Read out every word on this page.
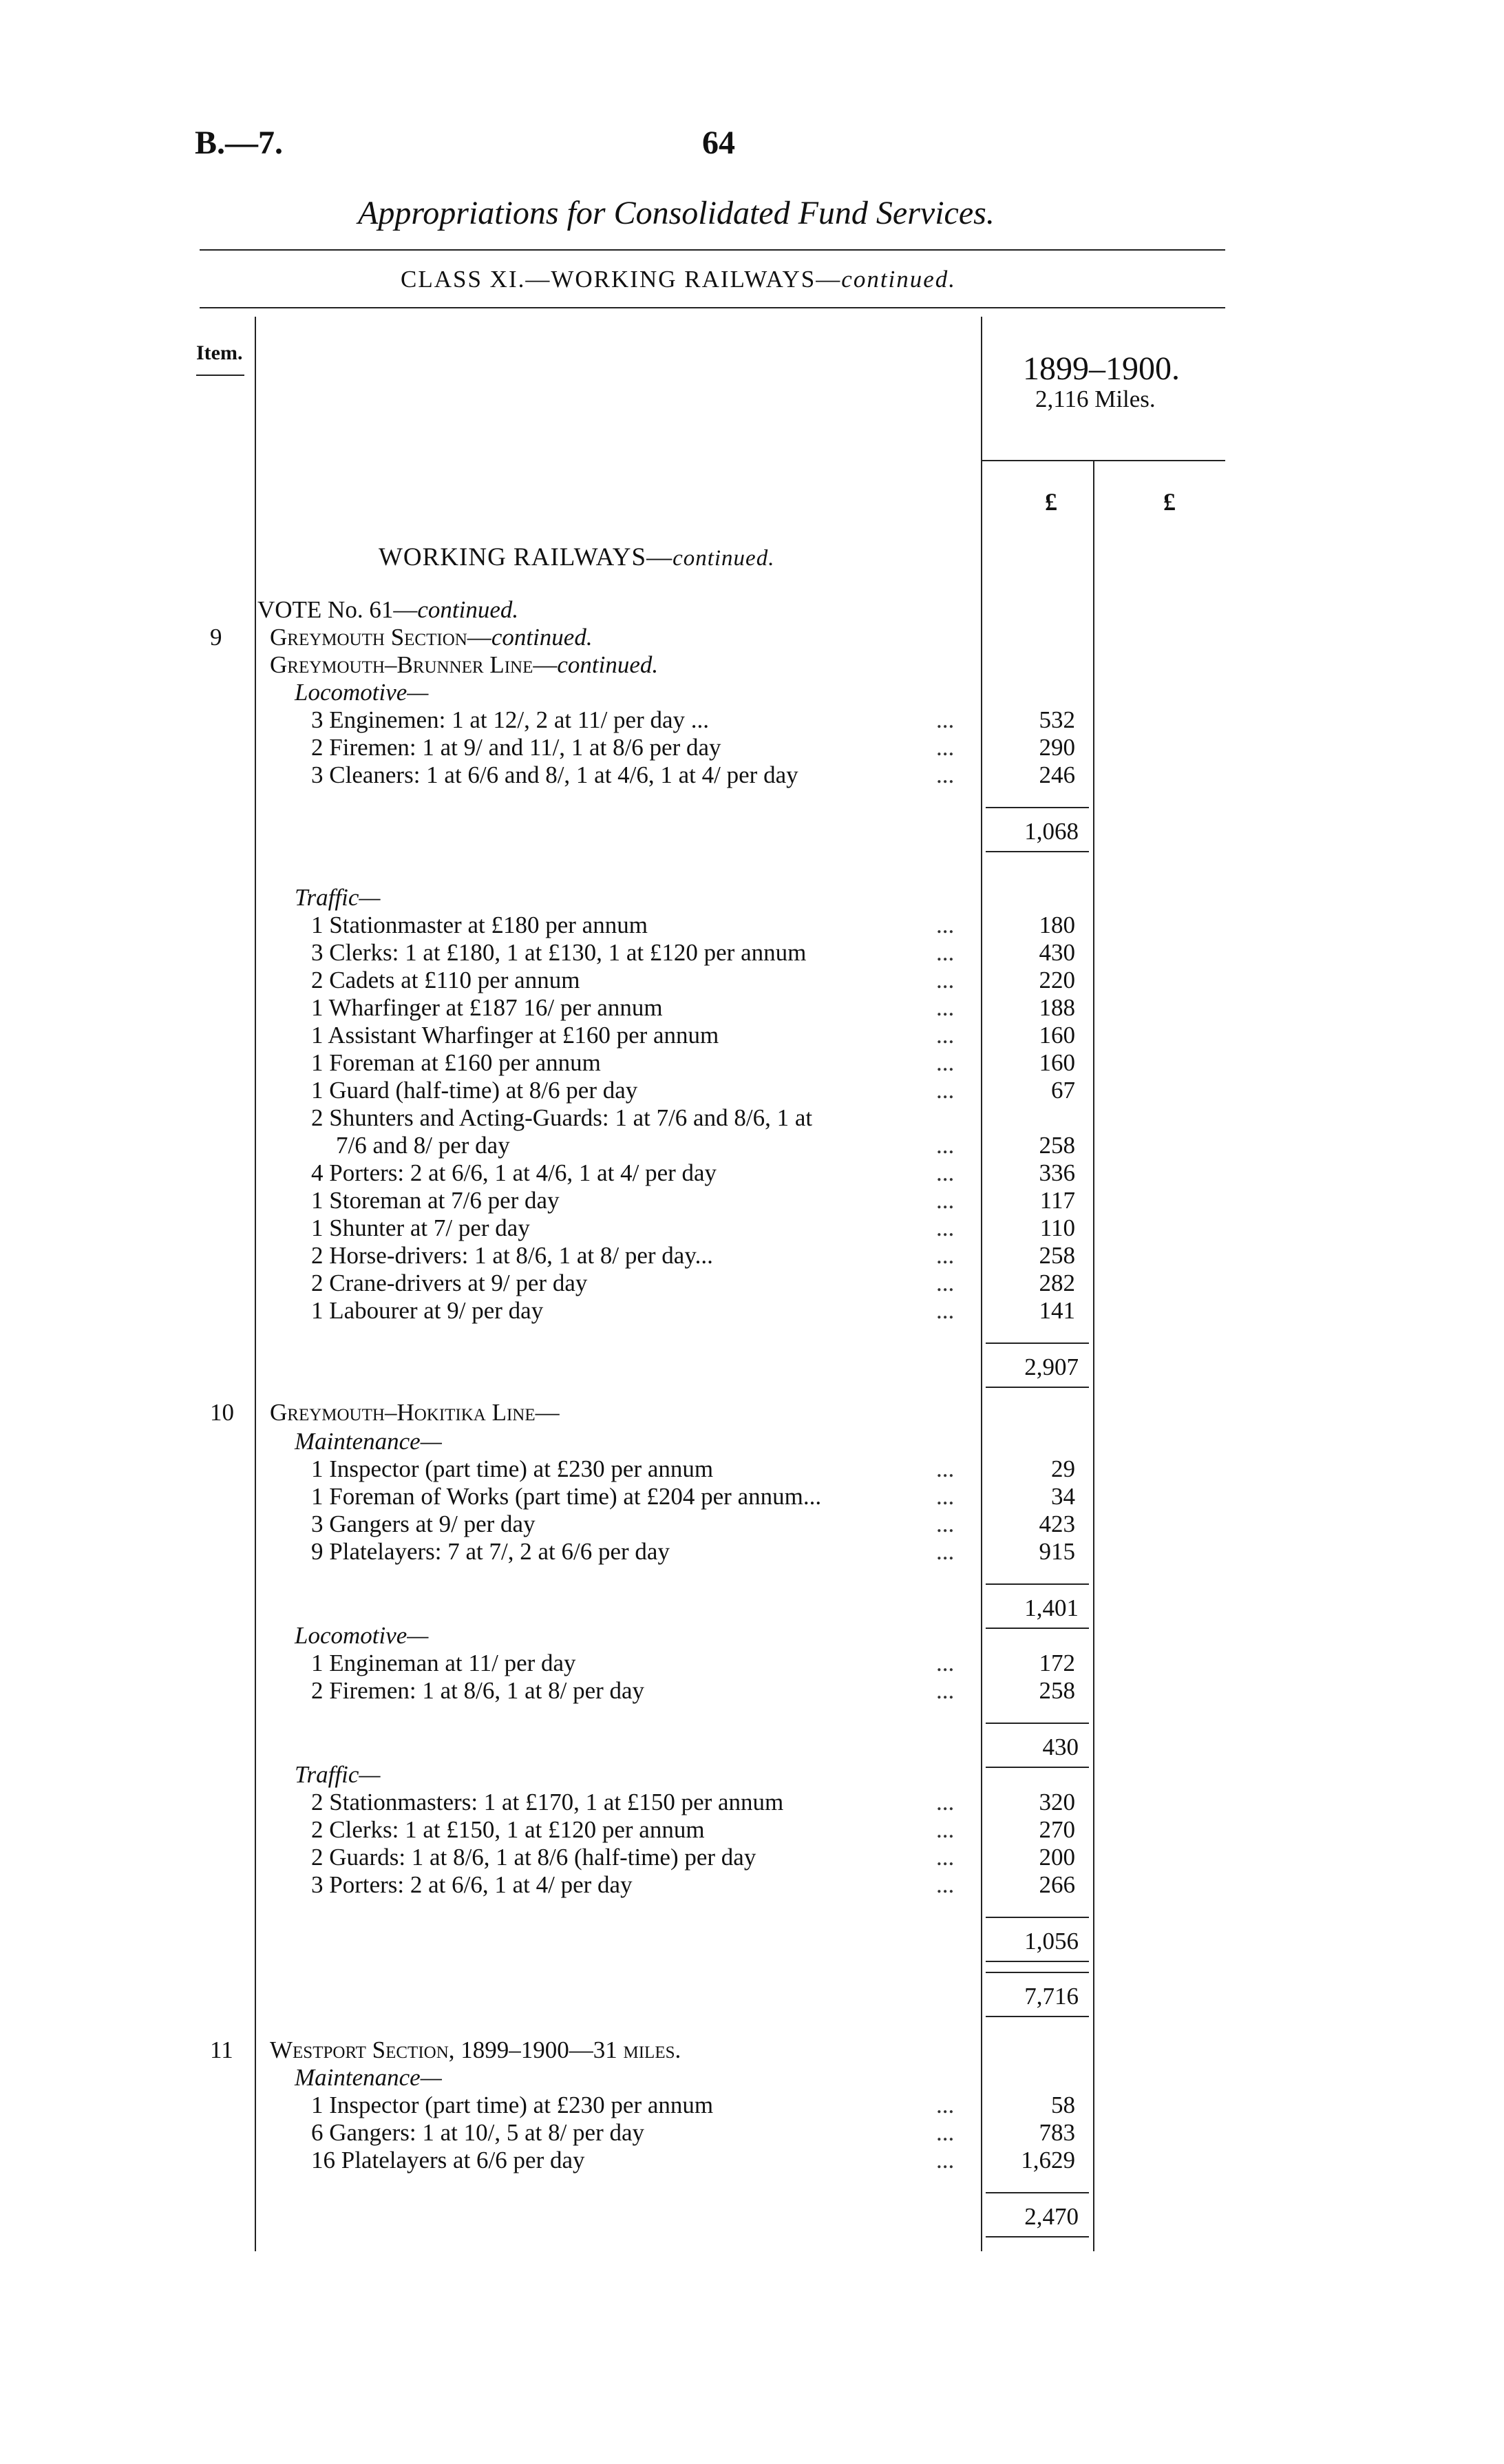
B.—7.	64
Appropriations for Consolidated Fund Services.
CLASS XI.—WORKING RAILWAYS—continued.
Item.	1899–1900.
2,116 Miles.
£	£
WORKING RAILWAYS—continued.
VOTE No. 61—continued.
9 Greymouth Section—continued.
Greymouth–Brunner Line—continued.
Locomotive—
3 Enginemen: 1 at 12/, 2 at 11/ per day ...	532
...
2 Firemen: 1 at 9/ and 11/, 1 at 8/6 per day	290
...
3 Cleaners: 1 at 6/6 and 8/, 1 at 4/6, 1 at 4/ per day	246
...
1,068
Traffic—
1 Stationmaster at £180 per annum	180
...
3 Clerks: 1 at £180, 1 at £130, 1 at £120 per annum	430
...
2 Cadets at £110 per annum	220
...
1 Wharfinger at £187 16/ per annum	188
...
1 Assistant Wharfinger at £160 per annum	160
...
1 Foreman at £160 per annum	160
...
1 Guard (half-time) at 8/6 per day	67
...
2 Shunters and Acting-Guards: 1 at 7/6 and 8/6, 1 at
7/6 and 8/ per day	258
...
4 Porters: 2 at 6/6, 1 at 4/6, 1 at 4/ per day	336
...
1 Storeman at 7/6 per day	117
...
1 Shunter at 7/ per day	110
...
2 Horse-drivers: 1 at 8/6, 1 at 8/ per day...	258
...
2 Crane-drivers at 9/ per day	282
...
1 Labourer at 9/ per day	141
...
2,907
10 Greymouth–Hokitika Line—
Maintenance—
1 Inspector (part time) at £230 per annum	29
...
1 Foreman of Works (part time) at £204 per annum...	34
...
3 Gangers at 9/ per day	423
...
9 Platelayers: 7 at 7/, 2 at 6/6 per day	915
...
1,401
Locomotive—
1 Engineman at 11/ per day	172
...
2 Firemen: 1 at 8/6, 1 at 8/ per day	258
...
430
Traffic—
2 Stationmasters: 1 at £170, 1 at £150 per annum	320
...
2 Clerks: 1 at £150, 1 at £120 per annum	270
...
2 Guards: 1 at 8/6, 1 at 8/6 (half-time) per day	200
...
3 Porters: 2 at 6/6, 1 at 4/ per day	266
...
1,056
7,716
11 Westport Section, 1899–1900—31 miles.
Maintenance—
1 Inspector (part time) at £230 per annum	58
...
6 Gangers: 1 at 10/, 5 at 8/ per day	783
...
16 Platelayers at 6/6 per day	1,629
...
2,470
